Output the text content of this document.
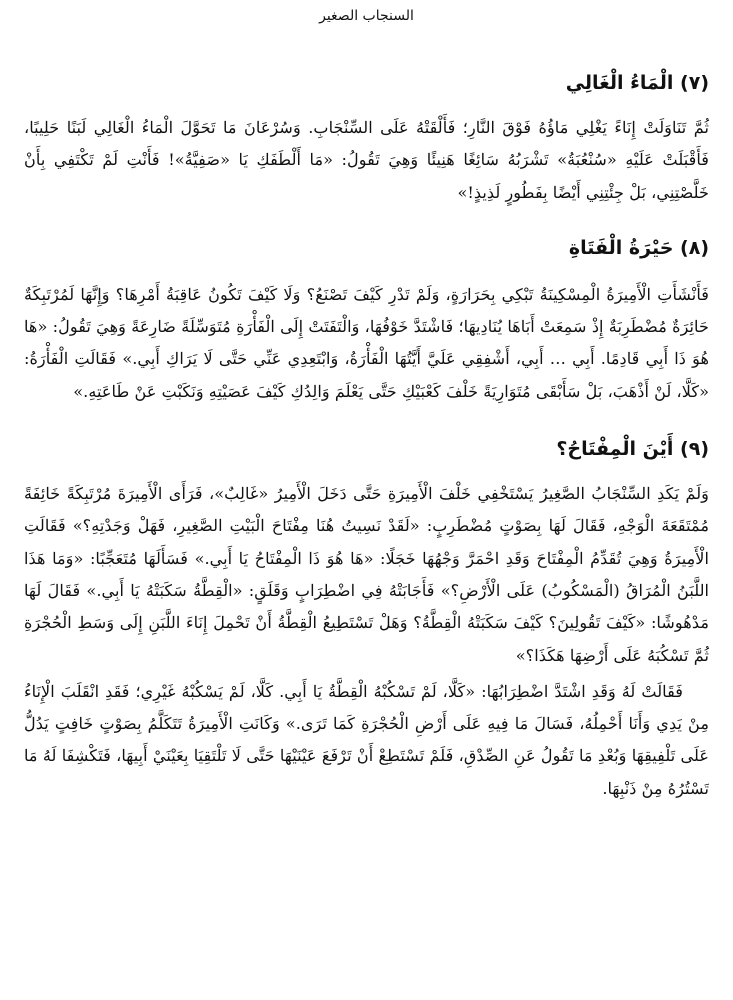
السنجاب الصغير
(٧) الْمَاءُ الْغَالِي

ثُمَّ تَنَاوَلَتْ إِنَاءً يَغْلِي مَاؤُهُ فَوْقَ النَّارِ؛ فَأَلْقَتْهُ عَلَى السِّنْجَابِ. وَسُرْعَانَ مَا تَحَوَّلَ الْمَاءُ الْغَالِي لَبَنًا حَلِيبًا، فَأَقْبَلَتْ عَلَيْهِ «سُنْعُبَةُ» تَشْرَبُهُ سَائِغًا هَنِيئًا وَهِيَ تَقُولُ: «مَا أَلْطَفَكِ يَا «صَفِيَّةُ»! فَأَنْتِ لَمْ تَكْتَفِي بِأَنْ خَلَّصْتِنِي، بَلْ جِئْتِنِي أَيْضًا بِفَطُورٍ لَذِيذٍ!»

(٨) حَيْرَةُ الْفَتَاةِ

فَأَنْشَأَتِ الْأَمِيرَةُ الْمِسْكِينَةُ تَبْكِي بِحَرَارَةٍ، وَلَمْ تَدْرِ كَيْفَ تَصْنَعُ؟ وَلَا كَيْفَ تَكُونُ عَاقِبَةُ أَمْرِهَا؟ وَإِنَّهَا لَمُرْتَبِكَةٌ حَائِرَةٌ مُضْطَرِبَةٌ إِذْ سَمِعَتْ أَبَاهَا يُنَادِيهَا؛ فَاشْتَدَّ خَوْفُهَا، وَالْتَفَتَتْ إِلَى الْفَأْرَةِ مُتَوَسِّلَةً ضَارِعَةً وَهِيَ تَقُولُ: «هَا هُوَ ذَا أَبِي قَادِمًا. أَبِي … أَبِي، أَشْفِقِي عَلَيَّ أَيَّتُهَا الْفَأْرَةُ، وَابْتَعِدِي عَنِّي حَتَّى لَا يَرَاكِ أَبِي.» فَقَالَتِ الْفَأْرَةُ: «كَلَّا، لَنْ أَذْهَبَ، بَلْ سَأَبْقَى مُتَوَارِيَةً خَلْفَ كَعْبَيْكِ حَتَّى يَعْلَمَ وَالِدُكِ كَيْفَ عَصَيْتِهِ وَنَكَبْتِ عَنْ طَاعَتِهِ.»

(٩) أَيْنَ الْمِفْتَاحُ؟

وَلَمْ يَكَدِ السِّنْجَابُ الصَّغِيرُ يَسْتَخْفِي خَلْفَ الْأَمِيرَةِ حَتَّى دَخَلَ الْأَمِيرُ «غَالِبٌ»، فَرَأَى الْأَمِيرَةَ مُرْتَبِكَةً خَائِفَةً مُمْتَقَعَةَ الْوَجْهِ، فَقَالَ لَهَا بِصَوْتٍ مُضْطَرِبٍ: «لَقَدْ نَسِيتُ هُنَا مِفْتَاحَ الْبَيْتِ الصَّغِيرِ، فَهَلْ وَجَدْتِهِ؟» فَقَالَتِ الْأَمِيرَةُ وَهِيَ تُقَدِّمُ الْمِفْتَاحَ وَقَدِ احْمَرَّ وَجْهُهَا خَجَلًا: «هَا هُوَ ذَا الْمِفْتَاحُ يَا أَبِي.» فَسَأَلَهَا مُتَعَجِّبًا: «وَمَا هَذَا اللَّبَنُ الْمُرَاقُ (الْمَسْكُوبُ) عَلَى الْأَرْضِ؟» فَأَجَابَتْهُ فِي اضْطِرَابٍ وَقَلَقٍ: «الْقِطَّةُ سَكَبَتْهُ يَا أَبِي.» فَقَالَ لَهَا مَدْهُوشًا: «كَيْفَ تَقُولِينَ؟ كَيْفَ سَكَبَتْهُ الْقِطَّةُ؟ وَهَلْ تَسْتَطِيعُ الْقِطَّةُ أَنْ تَحْمِلَ إِنَاءَ اللَّبَنِ إِلَى وَسَطِ الْحُجْرَةِ ثُمَّ تَسْكُبَهُ عَلَى أَرْضِهَا هَكَذَا؟»

فَقَالَتْ لَهُ وَقَدِ اشْتَدَّ اضْطِرَابُهَا: «كَلَّا، لَمْ تَسْكُبْهُ الْقِطَّةُ يَا أَبِي. كَلَّا، لَمْ يَسْكُبْهُ غَيْرِي؛ فَقَدِ انْقَلَبَ الْإِنَاءُ مِنْ يَدِي وَأَنَا أَحْمِلُهُ، فَسَالَ مَا فِيهِ عَلَى أَرْضِ الْحُجْرَةِ كَمَا تَرَى.» وَكَانَتِ الْأَمِيرَةُ تَتَكَلَّمُ بِصَوْتٍ خَافِتٍ يَدُلُّ عَلَى تَلْفِيقِهَا وَبُعْدِ مَا تَقُولُ عَنِ الصِّدْقِ، فَلَمْ تَسْتَطِعْ أَنْ تَرْفَعَ عَيْنَيْهَا حَتَّى لَا تَلْتَقِيَا بِعَيْنَيْ أَبِيهَا، فَتَكْشِفَا لَهُ مَا تَسْتُرُهُ مِنْ ذَنْبِهَا.
